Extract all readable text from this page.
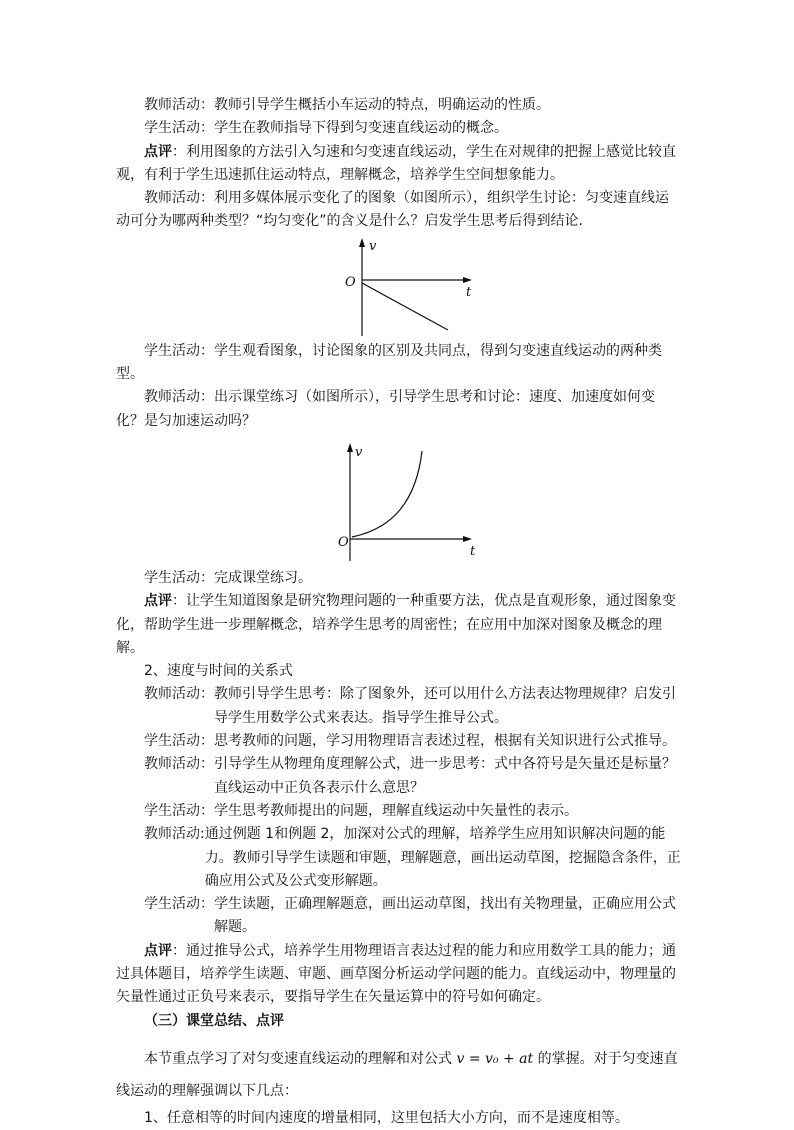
教师活动：教师引导学生概括小车运动的特点，明确运动的性质。

学生活动：学生在教师指导下得到匀变速直线运动的概念。

点评：利用图象的方法引入匀速和匀变速直线运动，学生在对规律的把握上感觉比较直观，有利于学生迅速抓住运动特点，理解概念，培养学生空间想象能力。

教师活动：利用多媒体展示变化了的图象（如图所示），组织学生讨论：匀变速直线运动可分为哪两种类型？“均匀变化”的含义是什么？启发学生思考后得到结论.

v
t
O

学生活动：学生观看图象，讨论图象的区别及共同点，得到匀变速直线运动的两种类型。

教师活动：出示课堂练习（如图所示），引导学生思考和讨论：速度、加速度如何变化？是匀加速运动吗？

v
t
O

学生活动：完成课堂练习。

点评：让学生知道图象是研究物理问题的一种重要方法，优点是直观形象，通过图象变化，帮助学生进一步理解概念，培养学生思考的周密性；在应用中加深对图象及概念的理解。

2、速度与时间的关系式

教师活动： 教师引导学生思考：除了图象外，还可以用什么方法表达物理规律？启发引导学生用数学公式来表达。指导学生推导公式。
学生活动： 思考教师的问题，学习用物理语言表述过程，根据有关知识进行公式推导。
教师活动： 引导学生从物理角度理解公式，进一步思考：式中各符号是矢量还是标量？直线运动中正负各表示什么意思？
学生活动： 学生思考教师提出的问题，理解直线运动中矢量性的表示。
教师活动: 通过例题 1和例题 2，加深对公式的理解，培养学生应用知识解决问题的能力。教师引导学生读题和审题，理解题意，画出运动草图，挖掘隐含条件，正确应用公式及公式变形解题。
学生活动： 学生读题，正确理解题意，画出运动草图，找出有关物理量，正确应用公式解题。

点评：通过推导公式，培养学生用物理语言表达过程的能力和应用数学工具的能力；通过具体题目，培养学生读题、审题、画草图分析运动学问题的能力。直线运动中，物理量的矢量性通过正负号来表示，要指导学生在矢量运算中的符号如何确定。

（三）课堂总结、点评

本节重点学习了对匀变速直线运动的理解和对公式 v = v₀ + at 的掌握。对于匀变速直线运动的理解强调以下几点：

1、任意相等的时间内速度的增量相同，这里包括大小方向，而不是速度相等。
